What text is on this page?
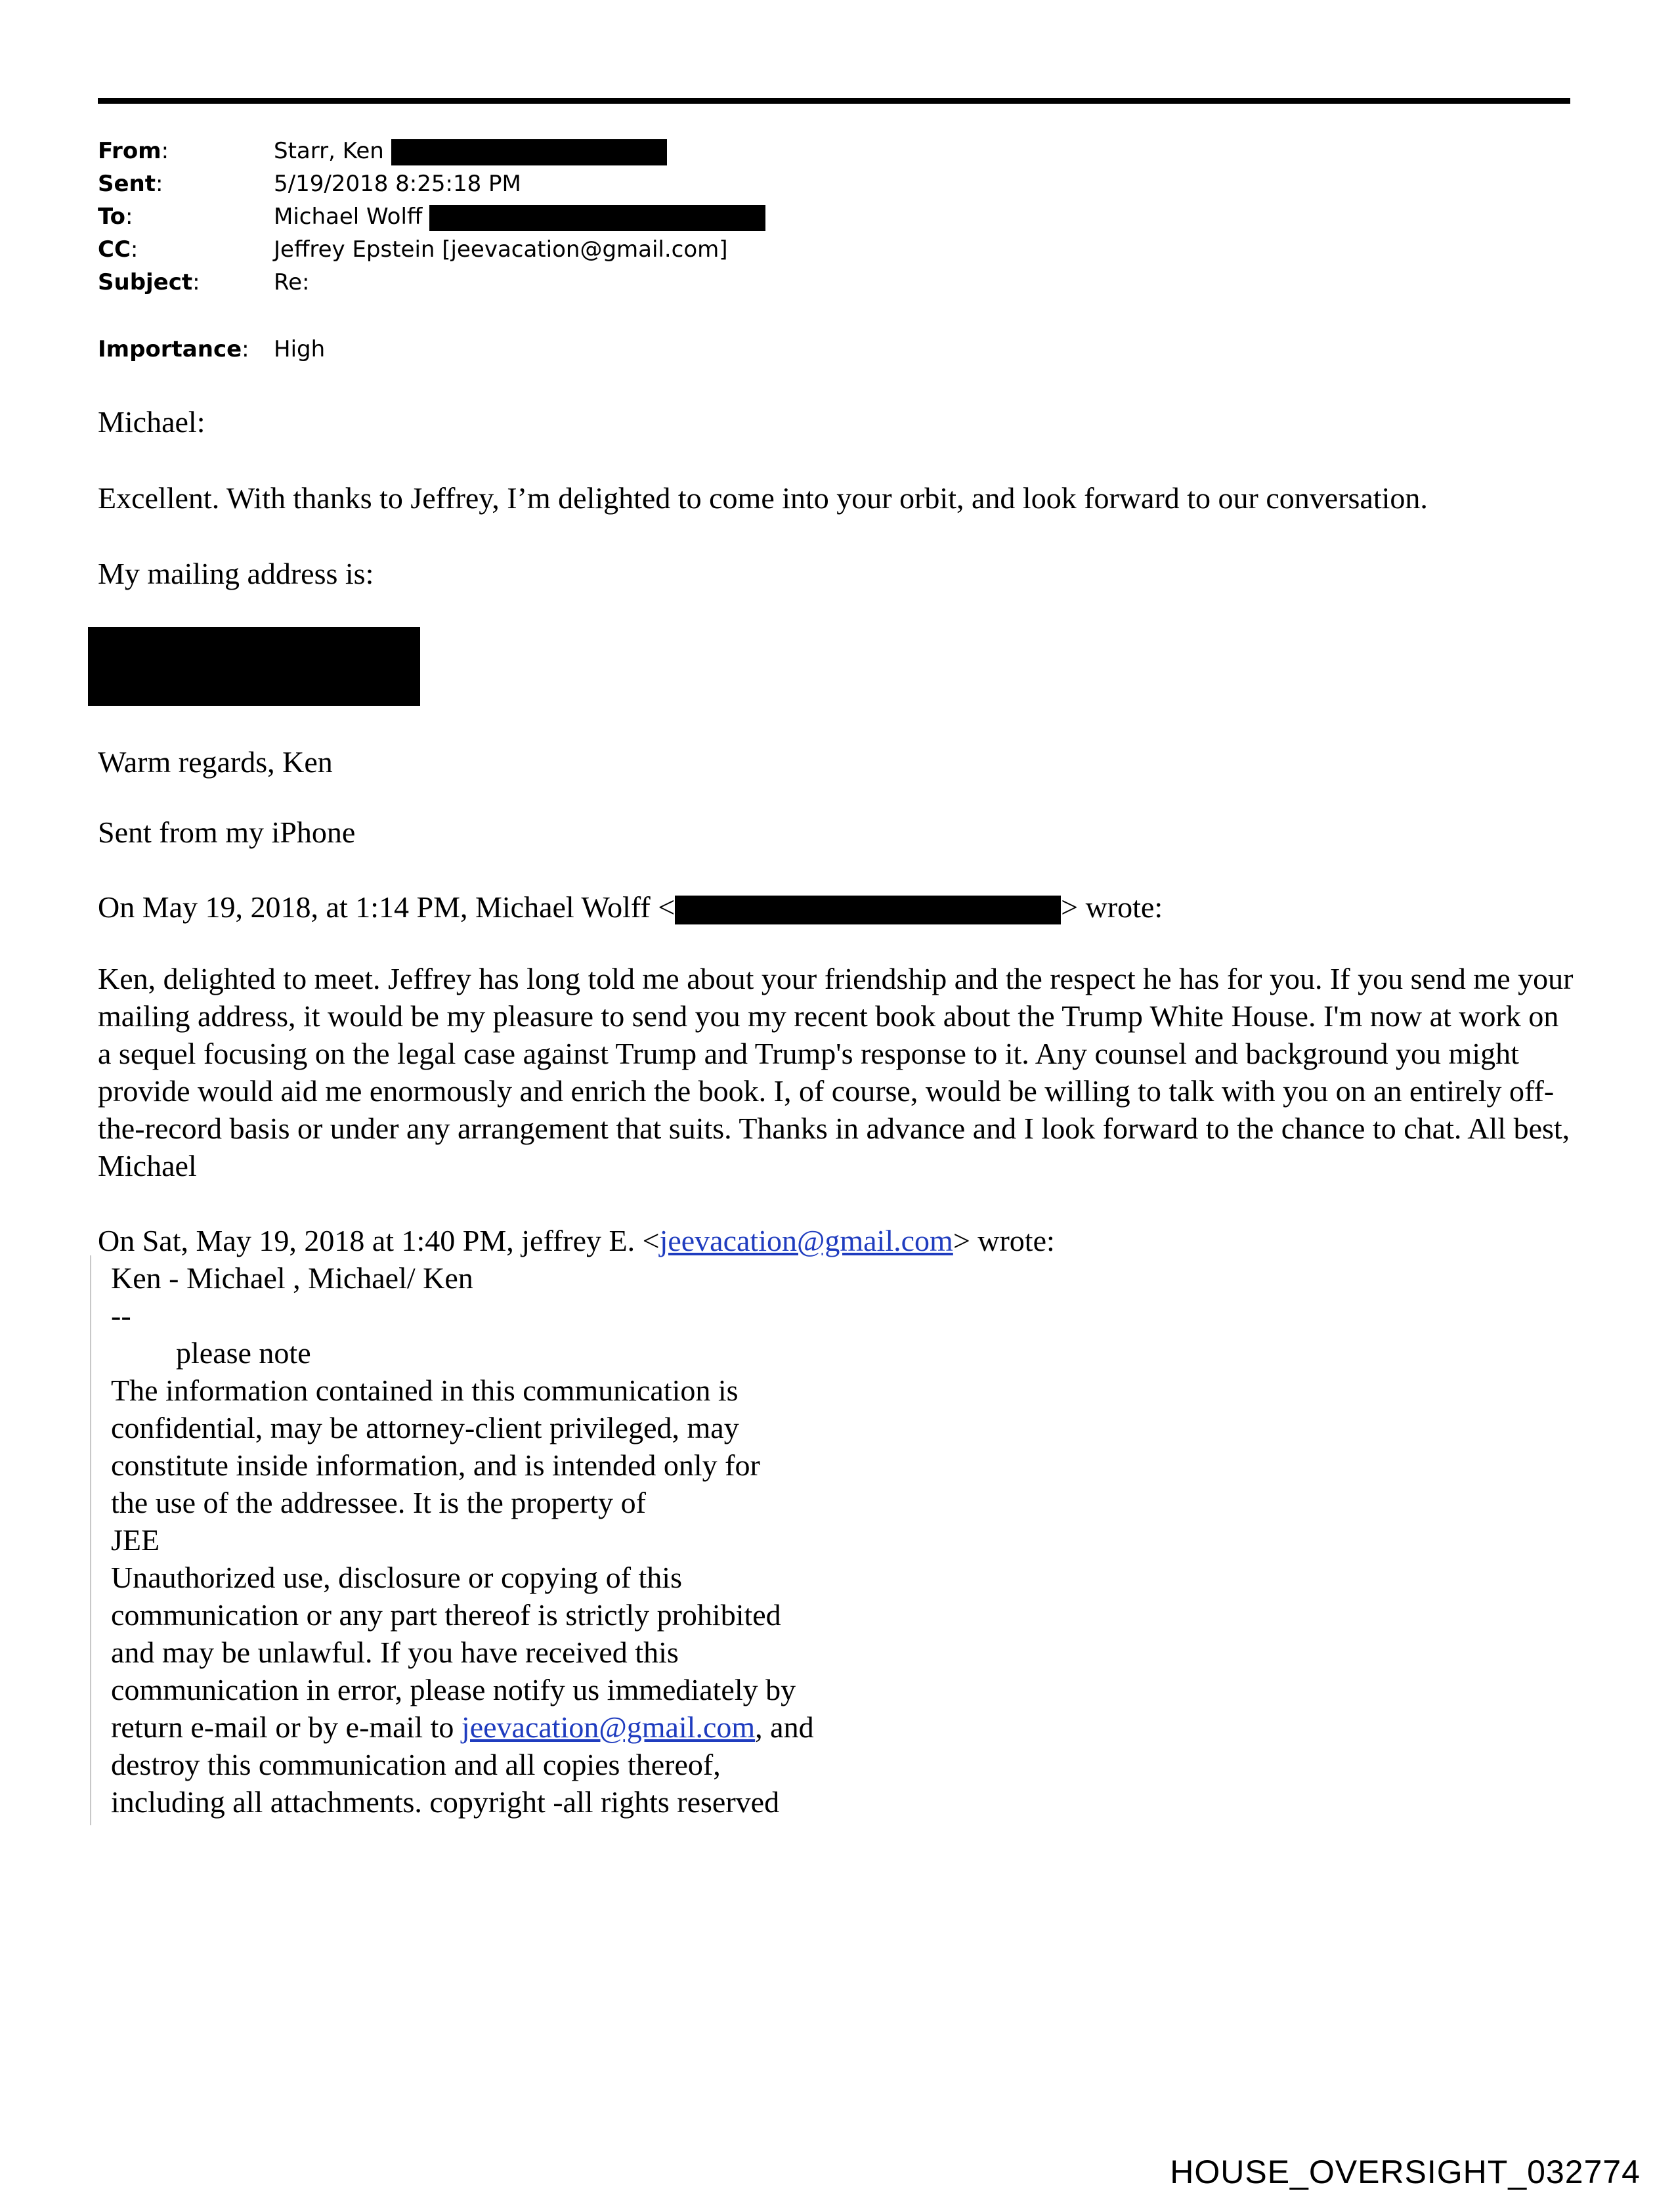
From:	Starr, Ken
Sent:	5/19/2018 8:25:18 PM
To:	Michael Wolff
CC:	Jeffrey Epstein [jeevacation@gmail.com]
Subject:	Re:
Importance: High
Michael:
Excellent. With thanks to Jeffrey, I’m delighted to come into your orbit, and look forward to our conversation.
My mailing address is:
Warm regards, Ken
Sent from my iPhone
On May 19, 2018, at 1:14 PM, Michael Wolff <	> wrote:
Ken, delighted to meet. Jeffrey has long told me about your friendship and the respect he has for you. If you send me your mailing address, it would be my pleasure to send you my recent book about the Trump White House. I'm now at work on a sequel focusing on the legal case against Trump and Trump's response to it. Any counsel and background you might provide would aid me enormously and enrich the book. I, of course, would be willing to talk with you on an entirely off-the-record basis or under any arrangement that suits. Thanks in advance and I look forward to the chance to chat. All best, Michael
On Sat, May 19, 2018 at 1:40 PM, jeffrey E. <jeevacation@gmail.com> wrote:
Ken - Michael , Michael/ Ken
--
please note
The information contained in this communication is
confidential, may be attorney-client privileged, may
constitute inside information, and is intended only for
the use of the addressee. It is the property of
JEE
Unauthorized use, disclosure or copying of this
communication or any part thereof is strictly prohibited
and may be unlawful. If you have received this
communication in error, please notify us immediately by
return e-mail or by e-mail to jeevacation@gmail.com, and
destroy this communication and all copies thereof,
including all attachments. copyright -all rights reserved
HOUSE_OVERSIGHT_032774
